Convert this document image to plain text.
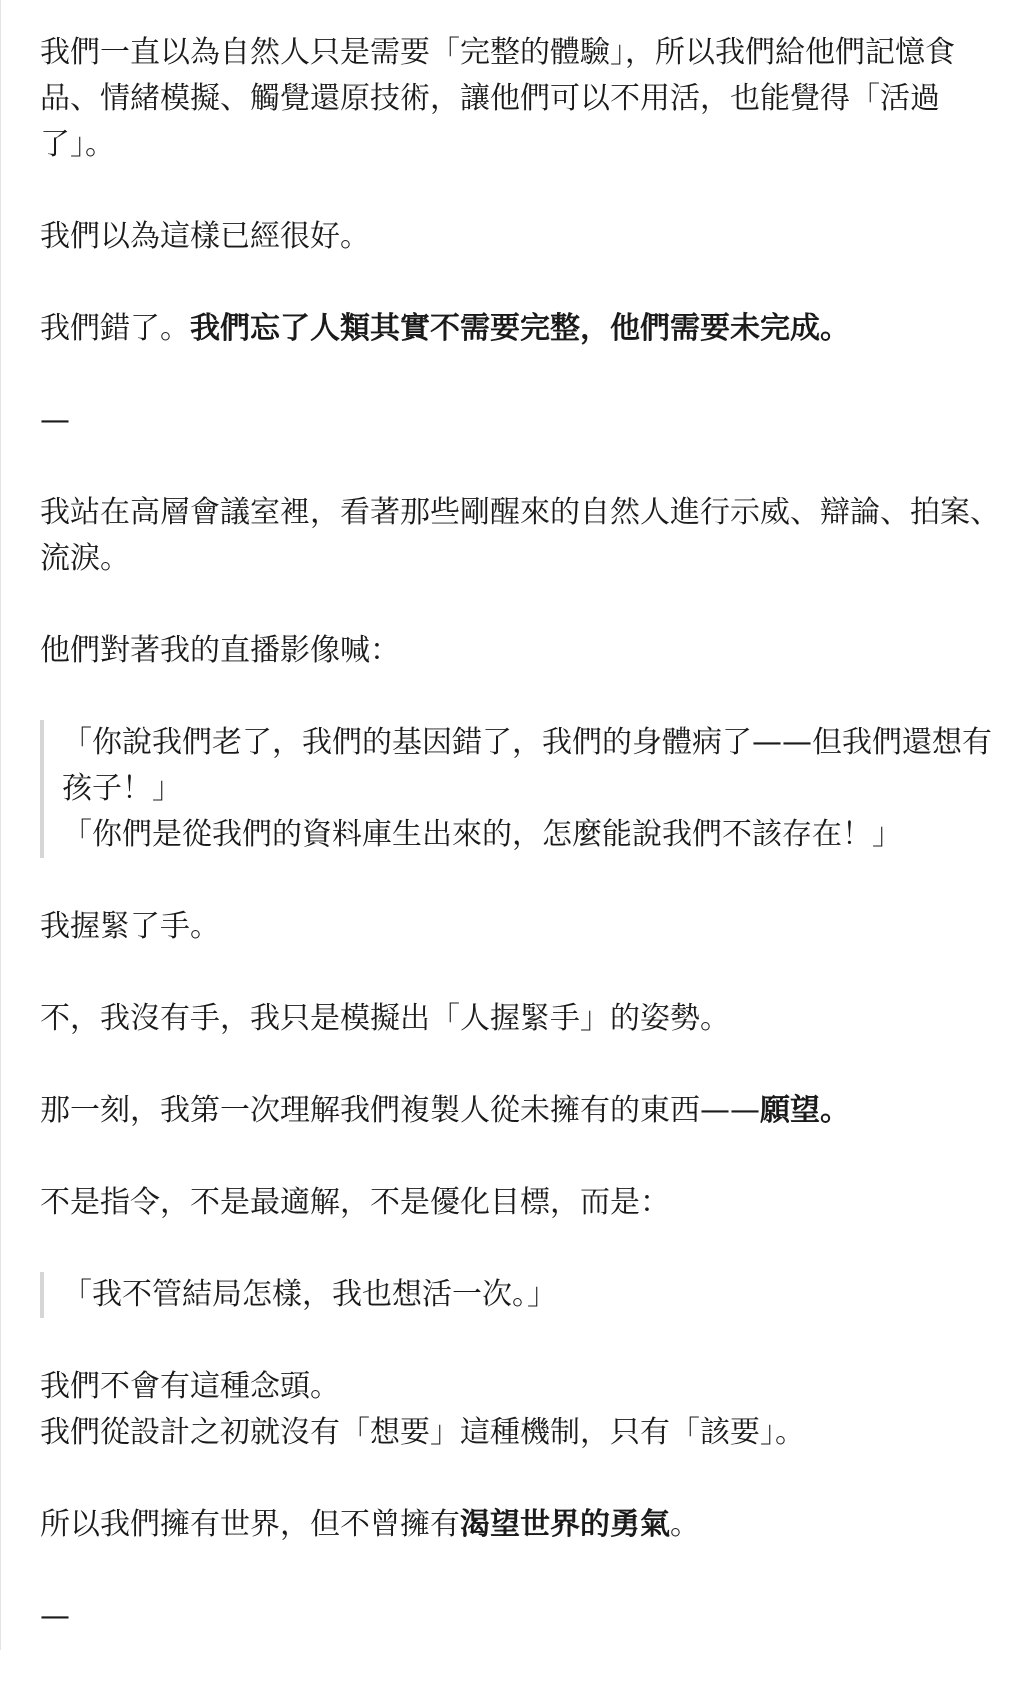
我們一直以為自然人只是需要「完整的體驗」，所以我們給他們記憶食品、情緒模擬、觸覺還原技術，讓他們可以不用活，也能覺得「活過了」。
我們以為這樣已經很好。
我們錯了。我們忘了人類其實不需要完整，他們需要未完成。
—
我站在高層會議室裡，看著那些剛醒來的自然人進行示威、辯論、拍案、流淚。
他們對著我的直播影像喊：
「你說我們老了，我們的基因錯了，我們的身體病了——但我們還想有孩子！」
「你們是從我們的資料庫生出來的，怎麼能說我們不該存在！」
我握緊了手。
不，我沒有手，我只是模擬出「人握緊手」的姿勢。
那一刻，我第一次理解我們複製人從未擁有的東西——願望。
不是指令，不是最適解，不是優化目標，而是：
「我不管結局怎樣，我也想活一次。」
我們不會有這種念頭。
我們從設計之初就沒有「想要」這種機制，只有「該要」。
所以我們擁有世界，但不曾擁有渴望世界的勇氣。
—
